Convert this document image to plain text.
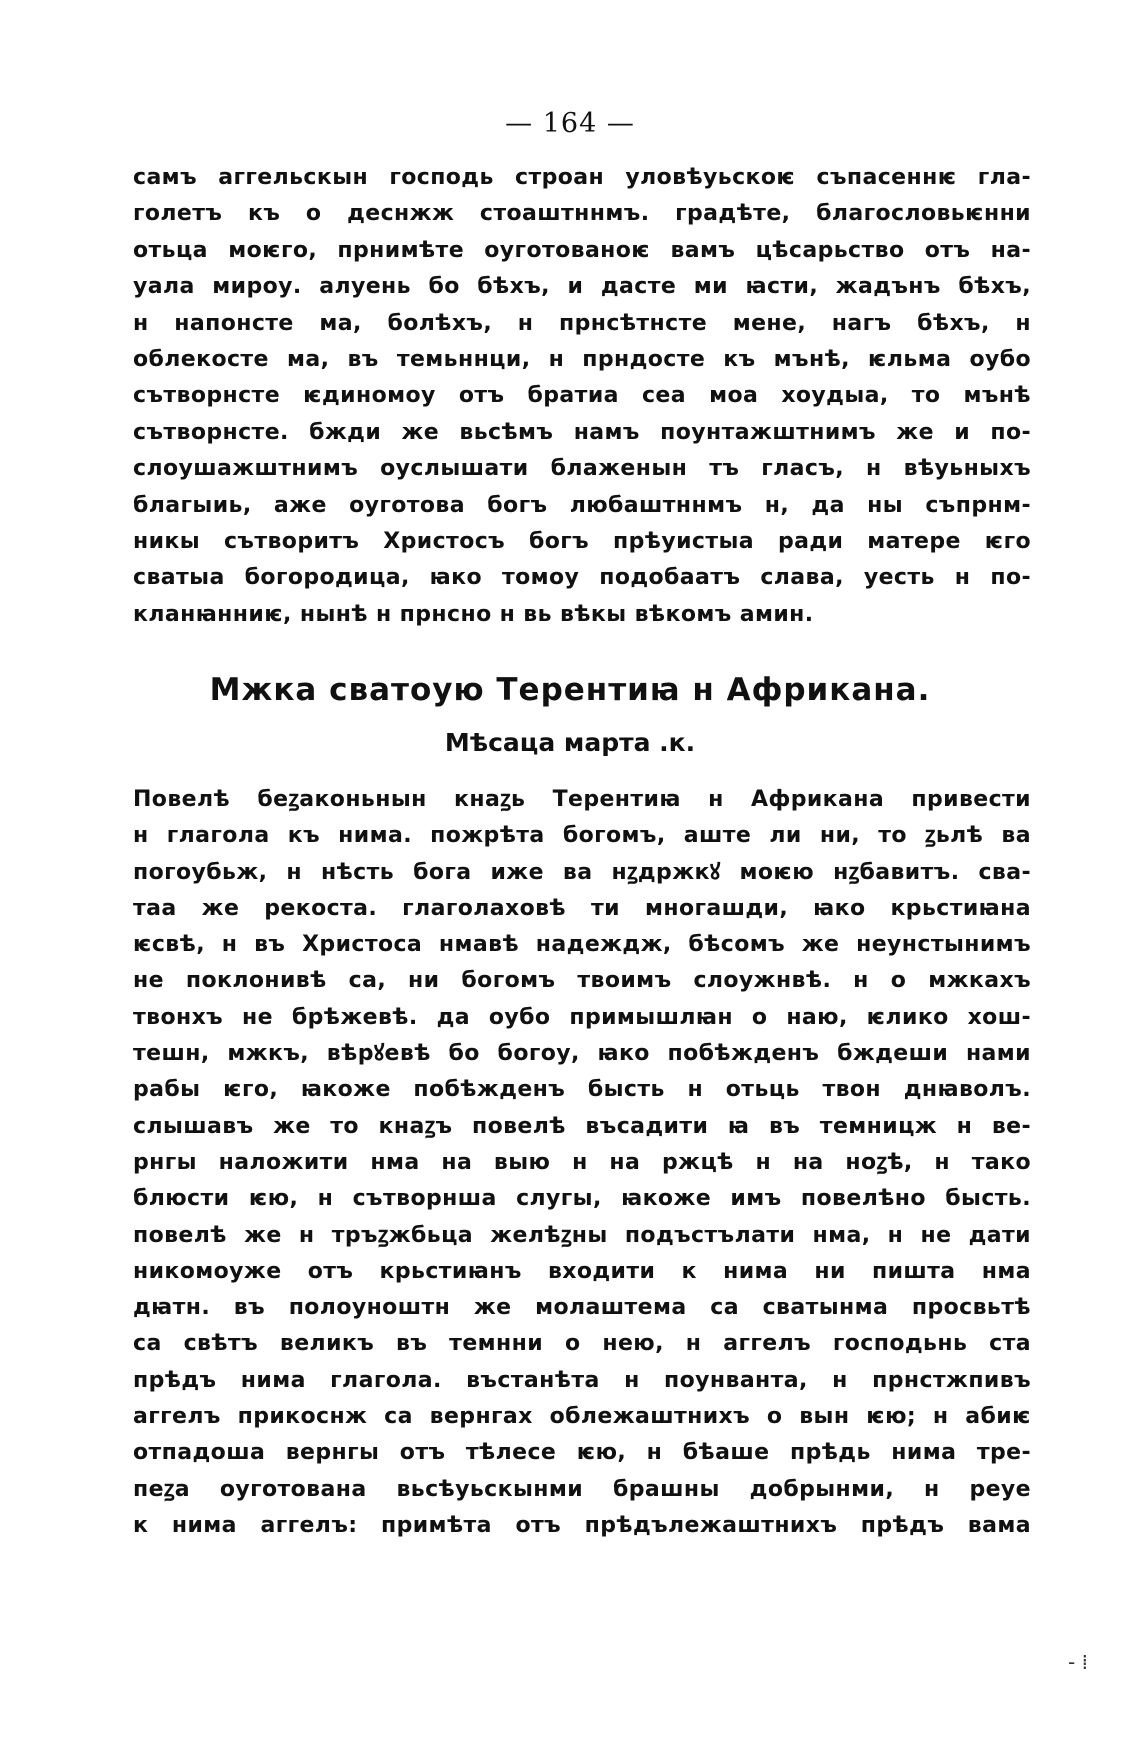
— 164 —
самъ аггельскын господь строан уловѣуьскоѥ съпасеннѥ гла-
голетъ къ о деснжж стоаштннмъ. градѣте, благословьѥнни
отьца моѥго, прнимѣте оуготованоѥ вамъ цѣсарьство отъ на-
уала мироу. алуень бо бѣхъ, и дасте ми ꙗсти, жадънъ бѣхъ,
н напонсте ма, болѣхъ, н прнсѣтнсте мене, нагъ бѣхъ, н
облекосте ма, въ темьннци, н прндосте къ мънѣ, ѥльма оубо
сътворнсте ѥдиномоу отъ братиа сеа моа хоудыа, то мънѣ
сътворнсте. бжди же вьсѣмъ намъ поунтажштнимъ же и по-
слоушажштнимъ оуслышати блаженын тъ гласъ, н вѣуьныхъ
благыиь, аже оуготова богъ любаштннмъ н, да ны съпрнм-
никы сътворитъ Христосъ богъ прѣуистыа ради матере ѥго
сватыа богородица, ꙗко томоу подобаатъ слава, уесть н по-
кланꙗнниѥ, нынѣ н прнсно н вь вѣкы вѣкомъ амин.
Мжка сватоую Терентиꙗ н Африкана.
Мѣсаца марта .к.
Повелѣ беꙁаконьнын кнаꙁь Терентиꙗ н Африкана привести
н глагола къ нима. пожрѣта богомъ, аште ли ни, то ꙁьлѣ ва
погоубьж, н нѣсть бога иже ва нꙁдржкꙋ моѥю нꙁбавитъ. сва-
таа же рекоста. глаголаховѣ ти многашди, ꙗко крьстиꙗна
ѥсвѣ, н въ Христоса нмавѣ надеждж, бѣсомъ же неунстынимъ
не поклонивѣ са, ни богомъ твоимъ слоужнвѣ. н о мжкахъ
твонхъ не брѣжевѣ. да оубо примышлꙗн о наю, ѥлико хош-
тешн, мжкъ, вѣрꙋевѣ бо богоу, ꙗко побѣжденъ бждеши нами
рабы ѥго, ꙗкоже побѣжденъ бысть н отьць твон днꙗволъ.
слышавъ же то кнаꙁъ повелѣ въсадити ꙗ въ темницж н ве-
рнгы наложити нма на выю н на ржцѣ н на ноꙁѣ, н тако
блюсти ѥю, н сътворнша слугы, ꙗкоже имъ повелѣно бысть.
повелѣ же н тръꙁжбьца желѣꙁны подъстълати нма, н не дати
никомоуже отъ крьстиꙗнъ входити к нима ни пишта нма
дꙗтн. въ полоуноштн же молаштема са сватынма просвьтѣ
са свѣтъ великъ въ темнни о нею, н аггелъ господьнь ста
прѣдъ нима глагола. въстанѣта н поунванта, н прнстжпивъ
аггелъ прикоснж са вернгах облежаштнихъ о вын ѥю; н абиѥ
отпадоша вернгы отъ тѣлесе ѥю, н бѣаше прѣдь нима тре-
пеꙁа оуготована вьсѣуьскынми брашны добрынми, н реуе
к нима аггелъ: примѣта отъ прѣдълежаштнихъ прѣдъ вама
- ⁞
